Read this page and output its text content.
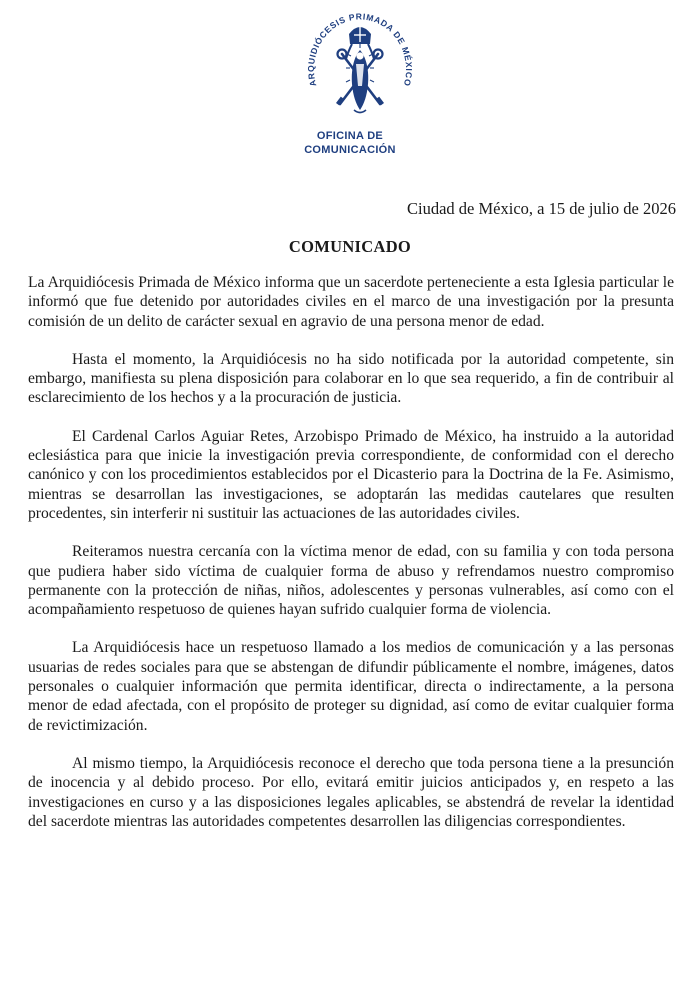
ARQUIDIÓCESIS PRIMADA DE MÉXICO
OFICINA DE
COMUNICACIÓN
Ciudad de México, a 15 de julio de 2026
COMUNICADO

La Arquidiócesis Primada de México informa que un sacerdote perteneciente a esta Iglesia particular le informó que fue detenido por autoridades civiles en el marco de una investigación por la presunta comisión de un delito de carácter sexual en agravio de una persona menor de edad.

Hasta el momento, la Arquidiócesis no ha sido notificada por la autoridad competente, sin embargo, manifiesta su plena disposición para colaborar en lo que sea requerido, a fin de contribuir al esclarecimiento de los hechos y a la procuración de justicia.

El Cardenal Carlos Aguiar Retes, Arzobispo Primado de México, ha instruido a la autoridad eclesiástica para que inicie la investigación previa correspondiente, de conformidad con el derecho canónico y con los procedimientos establecidos por el Dicasterio para la Doctrina de la Fe. Asimismo, mientras se desarrollan las investigaciones, se adoptarán las medidas cautelares que resulten procedentes, sin interferir ni sustituir las actuaciones de las autoridades civiles.

Reiteramos nuestra cercanía con la víctima menor de edad, con su familia y con toda persona que pudiera haber sido víctima de cualquier forma de abuso y refrendamos nuestro compromiso permanente con la protección de niñas, niños, adolescentes y personas vulnerables, así como con el acompañamiento respetuoso de quienes hayan sufrido cualquier forma de violencia.

La Arquidiócesis hace un respetuoso llamado a los medios de comunicación y a las personas usuarias de redes sociales para que se abstengan de difundir públicamente el nombre, imágenes, datos personales o cualquier información que permita identificar, directa o indirectamente, a la persona menor de edad afectada, con el propósito de proteger su dignidad, así como de evitar cualquier forma de revictimización.

Al mismo tiempo, la Arquidiócesis reconoce el derecho que toda persona tiene a la presunción de inocencia y al debido proceso. Por ello, evitará emitir juicios anticipados y, en respeto a las investigaciones en curso y a las disposiciones legales aplicables, se abstendrá de revelar la identidad del sacerdote mientras las autoridades competentes desarrollen las diligencias correspondientes.
